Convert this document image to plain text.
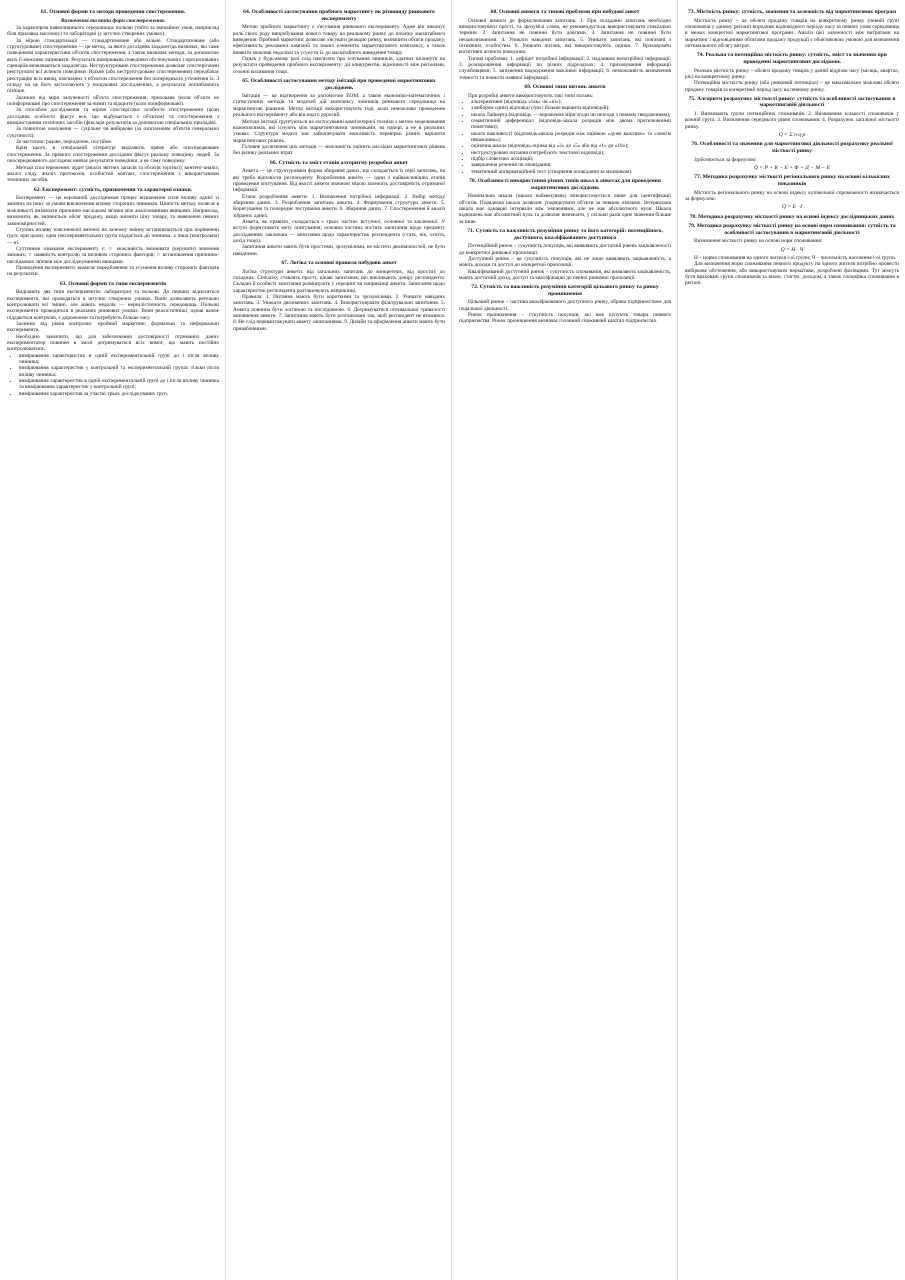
61. Основні форми та методи проведення спостереження.
Визначення та типи форм спостереження.

За характером навколишнього середовища: польові (тобто за звичайних умов, наприклад біля прилавка магазину) та лабораторні (у штучно створених умовах).

За мірою стандартизації — стандартизоване або вільне. Стандартизоване (або структуроване) спостереження — це метод, за якого дослідник заздалегідь визначає, які саме поведінкові характеристики об'єктів спостереження, а також визначає методи, за допомогою яких її можливо оцінювати. Результати вимірювань поведінки обстежуваних і прогнозованих сценаріїв визначаються заздалегідь. Неструктуроване спостереження дозволяє спостерігачеві реєструвати всі аспекти поведінки. Вільне (або неструктуроване спостереження) передбачає реєстрацію всіх явищ, пов'язаних з об'єктом спостереження без попереднього уточнення їх. З огляду на це його застосовують у пошукових дослідженнях, а результати поглиблюють пізніше.

Залежно від міри залученості об'єкта спостереження: приховане (коли об'єкти не поінформовані про спостереження за ними) та відкрите (коли поінформовані).

За способом дослідження та мірою спостерігача: особисте спостереження (коли дослідник особисто фіксує все, що відбувається з об'єктом) та спостереження з використанням технічних засобів (фіксація результатів за допомогою спеціальних приладів).

За повнотою охоплення — суцільне чи вибіркове (за охопленням об'єктів генеральної сукупності).

За частотою: разове, періодичне, постійне.

Крім цього, в спеціальній літературі виділяють пряме або опосередковане спостереження. За прямого спостереження дослідник фіксує реальну поведінку людей. За опосередкованого дослідник вивчає результати поведінки, а не саму поведінку.

Методи спостереження: аудит (аналіз звітних запасів та обсягів торгівлі), контент-аналіз, аналіз сліду, аналіз протоколів, особистий контакт, спостереження з використанням технічних засобів.

62. Експеримент: сутність, призначення та характерні ознаки.

Експеримент — це керований дослідником процес визначення сили впливу однієї зі змінних на іншу за умови виключення впливу сторонніх чинників. Цінність методу полягає в можливості визначати причинно-наслідкові зв'язки між аналізованими явищами. Наприклад, визначити, як змінюється обсяг продажу, якщо знизити ціну товару, та виявлення певних закономірностей.

Ступінь впливу пояснюючої змінної на залежну змінну встановлюється при порівнянні груп; при цьому одна (експериментальна) група піддається дії чинника, а інша (контрольна) — ні.

Суттєвими ознаками експерименту є: ○ можливість змінювати (керувати) значення змінних; ○ наявність контролю за впливом сторонніх факторів; ○ встановлення причинно-наслідкових зв'язків між досліджуваними явищами.

Проведення експерименту вимагає передбачення та усунення впливу сторонніх факторів на результати.

63. Основні форми та типи експериментів

Виділяють два типи експериментів: лабораторні та польові. До перших відносяться експерименти, які проводяться в штучно створених умовах. Вони дозволяють ретельно контролювати всі змінні, але мають недолік — нереалістичність середовища. Польові експерименти проводяться в реальних ринкових умовах. Вони реалістичніші, однак важче піддаються контролю, є дорожчими та потребують більше часу.

Залежно від рівня контролю: пробний маркетинг, формальні та неформальні експерименти.

Необхідно зазначити, що для забезпечення достовірності отриманих даних експериментатор повинен в змозі дотримуватися всіх вимог, що мають постійно контролюватися.

• вимірювання характеристик в одній експериментальній групі до і після впливу чинника;
• вимірювання характеристик у контрольній та експериментальній групах тільки після впливу чинника;
• вимірювання характеристик в одній експериментальній групі до і після впливу чинника та вимірювання характеристик у контрольній групі;
• вимірювання характеристик за участю трьох досліджуваних груп.
64. Особливості застосування пробного маркетингу як різновиду ринкового експерименту

Метою пробного маркетингу є з'ясування ринкового експерименту. Адже він виконує роль свого роду випробування нового товару на реальному ринку до початку масштабного виведення. Пробний маркетинг дозволяє з'ясувати реакцію ринку, визначити обсяги продажу, ефективність рекламної кампанії та інших елементів маркетингового комплексу, а також виявити можливі недоліки та усунути їх до масштабного виведення товару.

Однак у будь-якому разі слід пам'ятати про існування чинників, здатних вплинути на результати проведення пробного експерименту: дії конкурентів, відмінності між регіонами, сезонні коливання тощо.

65. Особливості застосування методу імітації при проведенні маркетингових досліджень

Імітація — це відтворення за допомогою ЕОМ, а також економіко-математичних і статистичних методів та моделей дій комплексу чинників ринкового середовища на маркетингові рішення. Метод імітації використовують тоді, коли неможливо проведення реального експерименту або він надто дорогий.

Методи імітації ґрунтуються на застосуванні комп'ютерної техніки з метою моделювання взаємозв'язків, які існують між маркетинговими чинниками, на папері, а не в реальних умовах. Структура моделі має забезпечувати можливість перевірки різних варіантів маркетингових рішень.

Головне досягнення цих методів — можливість оцінити наслідки маркетингових рішень без ризику реальних втрат.

66. Сутність та зміст етапів алгоритму розробки анкет

Анкета — це структурована форма збирання даних, що складається із серії запитань, на які треба відповісти респонденту. Розроблення анкети — один з найважливіших етапів проведення опитування. Від якості анкети значною мірою залежить достовірність отриманої інформації.

Етапи розроблення анкети: 1. Визначення потрібної інформації. 2. Вибір методу збирання даних. 3. Розроблення запитань анкети. 4. Формування структури анкети. 5. Коригування та попереднє тестування анкети. 6. Збирання даних. 7. Спостереження й аналіз зібраних даних.

Анкета, як правило, складається з трьох частин: вступної, основної та заключної. У вступі формулюють мету опитування; основна частина містить запитання щодо предмету дослідження; заключна — запитання щодо характеристик респондента (стать, вік, освіта, дохід тощо).

Запитання анкети мають бути простими, зрозумілими, не містити двозначностей, не бути навідними.

67. Логіка та основні правила побудови анкет

Логіка структури анкети: від загальних запитань до конкретних, від простих до складних. Спочатку ставлять прості, цікаві запитання, що викликають довіру респондента. Складні й особисті запитання розміщують у середині чи наприкінці анкети. Запитання щодо характеристик респондента розташовують наприкінці.

Правила: 1. Питання мають бути короткими та зрозумілими. 2. Уникати навідних запитань. 3. Уникати двозначних запитань. 4. Використовувати фільтрувальні запитання. 5. Анкета повинна бути логічною та послідовною. 6. Дотримуватися оптимальної тривалості заповнення анкети. 7. Запитання мають бути розташовані так, щоб респондент не втомився. 8. Не слід перевантажувати анкету запитаннями. 9. Дизайн та оформлення анкети мають бути привабливими.

68. Основні вимоги та типові проблеми при побудові анкет

Основні вимоги до формулювання запитань: 1. При складанні запитань необхідно використовувати прості, та зрозумілі слова, не рекомендується використовувати спеціальні терміни. 2. Запитання не повинні бути довгими. 3. Запитання не повинні бути неоднозначними. 4. Уникати навідних запитань. 5. Уникати запитань, які пов'язані з інтимним, особистим. 6. Уникати питань, які використовують оцінки. 7. Враховувати когнітивні аспекти поведінки.

Типові проблеми: 1. дефіцит потрібної інформації; 2. надлишок непотрібної інформації; 3. розпорошення інформації по різних підрозділах; 4. приховування інформації службовцями; 5. запізнення надходження важливої інформації; 6. неможливість визначення точності та повноти наявної інформації.

69. Основні типи питань анкети

При розробці анкети використовують такі типи питань:

• альтернативні (відповідь «так» чи «ні»);
• з вибором однієї відповіді (три і більше варіанти відповідей);
• шкала Лайкерта (відповідь — вираження міри згоди чи незгоди з певним твердженням);
• семантичний диференціал (відповідь-шкала розрядів між двома протилежними поняттями);
• шкала важливості (відповідь-шкала розрядів між оцінкою «дуже важливо» та «зовсім неважливо»);
• оціночна шкала (відповідь-оцінка від «2» до «5» або від «1» до «10»);
• неструктуровані питання (потребують текстової відповіді);
• підбір словесних асоціацій;
• завершення речення чи оповідання;
• тематичний апперцепційний тест (створення оповідання за малюнком).
70. Особливості використання різних типів шкал в анкетах для проведення маркетингових досліджень

Номінальна шкала (шкала найменувань) використовується лише для ідентифікації об'єктів. Порядкова шкала дозволяє упорядкувати об'єкти за певною ознакою. Інтервальна шкала має однакові інтервали між значеннями, але не має абсолютного нуля. Шкала відношень має абсолютний нуль та дозволяє визначати, у скільки разів одне значення більше за інше.

71. Сутність та важливість розуміння ринку та його категорій: потенційного, доступного, кваліфікованого доступного

Потенційний ринок – сукупність покупців, які виявляють достатній рівень зацікавленості до конкретної ринкової пропозиції.

Доступний ринок – це сукупність покупців, які не лише виявляють зацікавленість, а мають доходи та доступ до конкретної пропозиції.

Кваліфікований доступний ринок – сукупність споживачів, які виявляють зацікавленість, мають достатній дохід, доступ та кваліфікацію до певної ринкової пропозиції.

72. Сутність та важливість розуміння категорій цільового ринку та ринку проникнення

Цільовий ринок – частина кваліфікованого доступного ринку, обрана підприємством для подальшої діяльності.

Ринок проникнення – сукупність покупців, які вже купують товари певного підприємства. Ринок проникнення визначає головний споживчий капітал підприємства.

73. Місткість ринку: сутність, значення та залежність від маркетингових програм

Місткість ринку – це обсяги продажу товарів на конкретному ринку (певній групі споживачів у даному регіоні) впродовж відповідного періоду часу за певних умов середовища в межах конкретної маркетингової програми. Аналіз цієї залежності між витратами на маркетинг і відповідними обсягами продажу продукції є обов'язковою умовою для визначення оптимального обсягу витрат.

74. Реальна та потенційна місткість ринку: сутність, зміст та значення при проведенні маркетингових досліджень

Реальна місткість ринку – обсяги продажу товарів у даний відрізок часу (місяць, квартал, рік) на конкретному ринку.

Потенційна місткість ринку (або ринковий потенціал) – це максимально можливі обсяги продажу товарів за конкретний період часу на певному ринку.

75. Алгоритм розрахунку місткості ринку: сутність та особливості застосування в маркетинговій діяльності

1. Визначають групи потенційних споживачів. 2. Визначення кількості споживачів у кожній групі. 3. Визначення середнього рівня споживання. 4. Розрахунок загальної місткості ринку.

Q = Σ n·q·p
76. Особливості та значення для маркетингової діяльності розрахунку реальної місткості ринку

Здійснюється за формулою:

Q = P + R − E + Φ + Д − М − Е
77. Методика розрахунку місткості регіонального ринку на основі кількісних показників

Місткість регіонального ринку на основі індексу купівельної спроможності визначається за формулою:

Q = E · I
78. Методика розрахунку місткості ринку на основі індексу дослідницьких даних
79. Методика розрахунку місткості ринку на основі норм споживання: сутність та особливості застосування в маркетинговій діяльності

Визначення місткості ринку на основі норм споживання:

Q = Н · Ч

Н – норма споживання на одного жителя і-ої групи; Ч – чисельність населення і-ої групи.

Для визначення норм споживання певного продукту на одного жителя потрібно провести вибіркове обстеження, або використовувати нормативи, розроблені фахівцями. Тут можуть бути враховані групи споживачів за віком, статтю, доходом, а також специфіка споживання в регіоні.
